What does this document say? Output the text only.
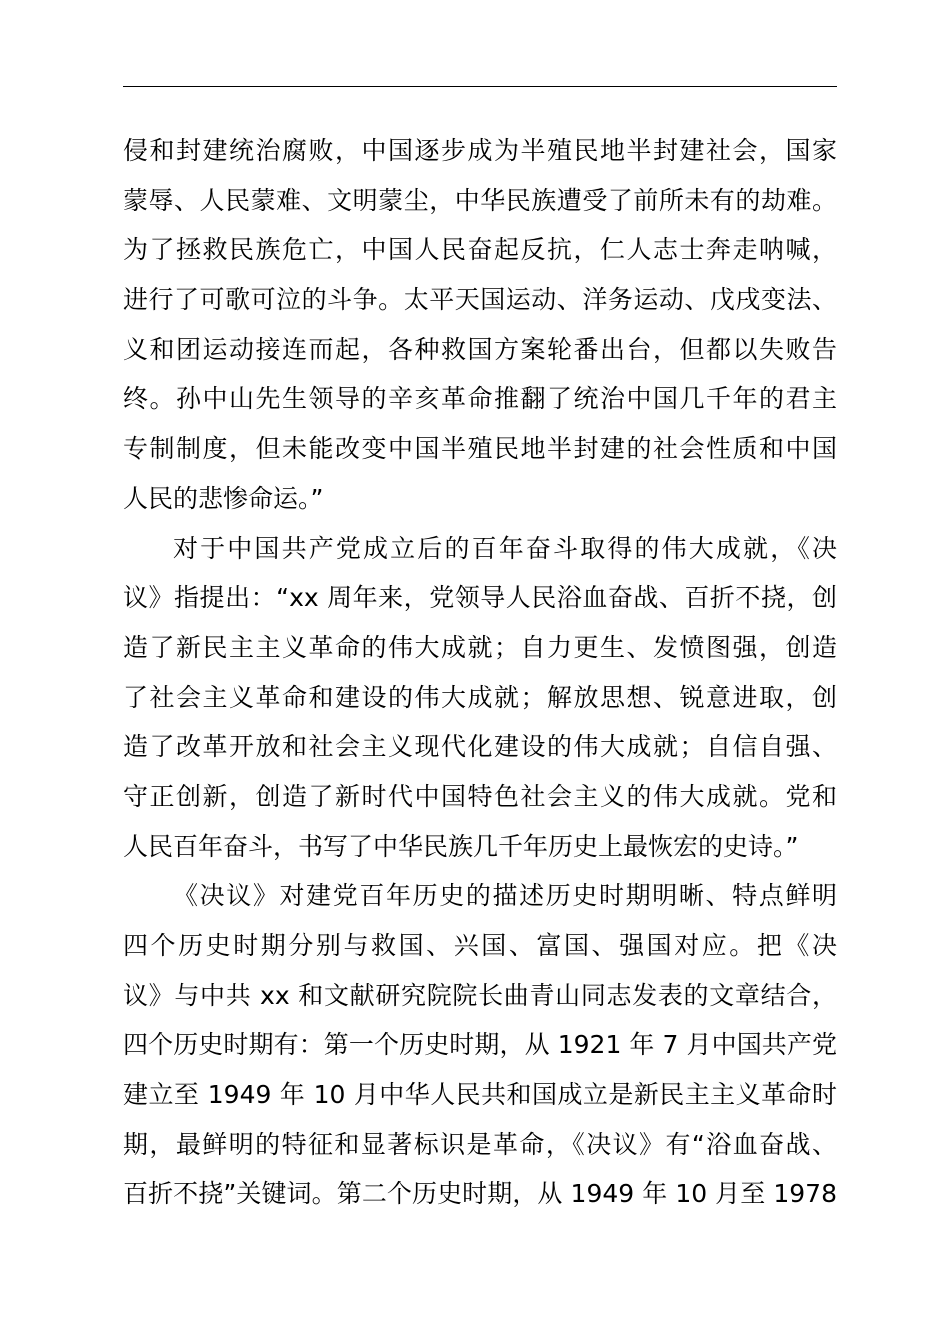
侵和封建统治腐败，中国逐步成为半殖民地半封建社会，国家
蒙辱、人民蒙难、文明蒙尘，中华民族遭受了前所未有的劫难。
为了拯救民族危亡，中国人民奋起反抗，仁人志士奔走呐喊，
进行了可歌可泣的斗争。太平天国运动、洋务运动、戊戌变法、
义和团运动接连而起，各种救国方案轮番出台，但都以失败告
终。孙中山先生领导的辛亥革命推翻了统治中国几千年的君主
专制制度，但未能改变中国半殖民地半封建的社会性质和中国
人民的悲惨命运。”
对于中国共产党成立后的百年奋斗取得的伟大成就，《决
议》指提出：“xx 周年来，党领导人民浴血奋战、百折不挠，创
造了新民主主义革命的伟大成就；自力更生、发愤图强，创造
了社会主义革命和建设的伟大成就；解放思想、锐意进取，创
造了改革开放和社会主义现代化建设的伟大成就；自信自强、
守正创新，创造了新时代中国特色社会主义的伟大成就。党和
人民百年奋斗，书写了中华民族几千年历史上最恢宏的史诗。”
《决议》对建党百年历史的描述历史时期明晰、特点鲜明
四个历史时期分别与救国、兴国、富国、强国对应。把《决
议》与中共 xx 和文献研究院院长曲青山同志发表的文章结合，
四个历史时期有：第一个历史时期，从 1921 年 7 月中国共产党
建立至 1949 年 10 月中华人民共和国成立是新民主主义革命时
期，最鲜明的特征和显著标识是革命，《决议》有“浴血奋战、
百折不挠”关键词。第二个历史时期，从 1949 年 10 月至 1978
